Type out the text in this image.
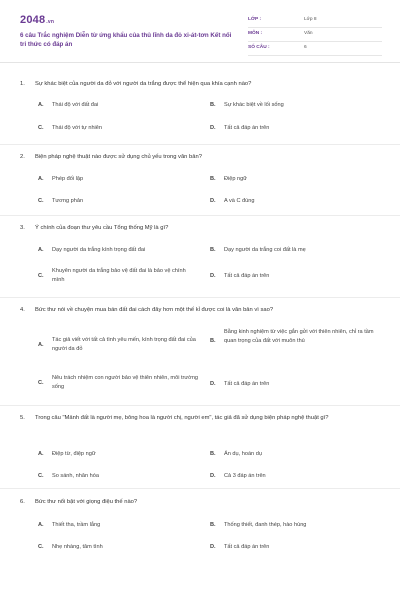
2048.vn
6 câu Trắc nghiệm Diễn từ ứng khẩu của thủ lĩnh da đỏ xi-át-tơn Kết nối tri thức có đáp án
LỚP :	Lớp 8
MÔN :	Văn
SỐ CÂU :	6
1. Sự khác biệt của người da đỏ với người da trắng được thể hiện qua khía cạnh nào?
A. Thái độ với đất đai	B. Sự khác biệt về lối sống
C. Thái độ với tự nhiên	D. Tất cả đáp án trên
2. Biện pháp nghệ thuật nào được sử dụng chủ yếu trong văn bản?
A. Phép đối lập	B. Điệp ngữ
C. Tương phản	D. A và C đúng
3. Ý chính của đoạn thư yêu cầu Tổng thống Mỹ là gì?
A. Dạy người da trắng kính trọng đất đai	B. Dạy người da trắng coi đất là mẹ
C.
Khuyên người da trắng bảo vệ đất đai là bảo vệ chính mình
D. Tất cả đáp án trên
4. Bức thư nói về chuyện mua bán đất đai cách đây hơn một thế kỉ được coi là văn bản vì sao?
A.
Tác giả viết với tất cả tình yêu mến, kính trọng đất đai của người da đỏ
B.
Bằng kinh nghiệm từ việc gắn gửi với thiên nhiên, chỉ ra tầm quan trọng của đất với muôn thú
C.
Nêu trách nhiệm con người bảo vệ thiên nhiên, môi trường sống	D. Tất cả đáp án trên
5. Trong câu "Mảnh đất là người mẹ, bông hoa là người chị, người em", tác giả đã sử dụng biện pháp nghệ thuật gì?
A. Điệp từ, điệp ngữ	B. Ẩn dụ, hoán dụ
C. So sánh, nhân hóa	D. Cả 3 đáp án trên
6. Bức thư nổi bật với giọng điệu thế nào?
A. Thiết tha, trầm lắng	B. Thống thiết, đanh thép, hào hùng
C. Nhẹ nhàng, tâm tình	D. Tất cả đáp án trên
